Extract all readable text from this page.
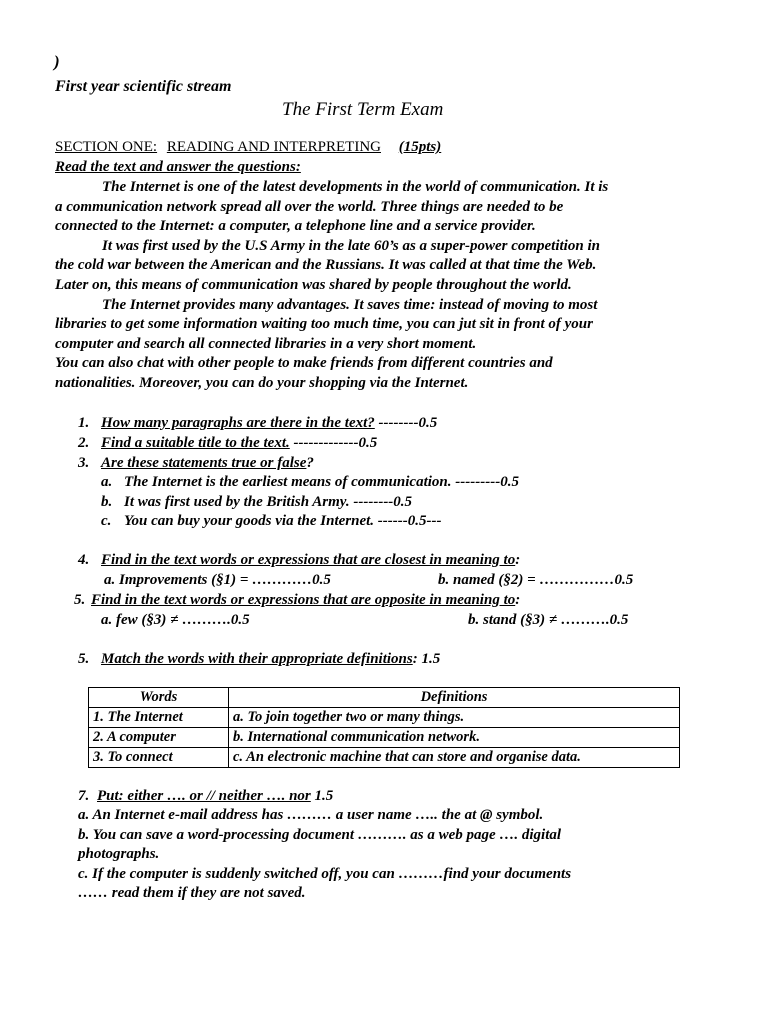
)
First year scientific stream
The First Term Exam
SECTION ONE: READING AND INTERPRETING (15pts)
Read the text and answer the questions:
The Internet is one of the latest developments in the world of communication. It is
a communication network spread all over the world. Three things are needed to be
connected to the Internet: a computer, a telephone line and a service provider.
It was first used by the U.S Army in the late 60’s as a super-power competition in
the cold war between the American and the Russians. It was called at that time the Web.
Later on, this means of communication was shared by people throughout the world.
The Internet provides many advantages. It saves time: instead of moving to most
libraries to get some information waiting too much time, you can jut sit in front of your
computer and search all connected libraries in a very short moment.
You can also chat with other people to make friends from different countries and
nationalities. Moreover, you can do your shopping via the Internet.
1. How many paragraphs are there in the text? --------0.5
2. Find a suitable title to the text. -------------0.5
3. Are these statements true or false?
a. The Internet is the earliest means of communication. ---------0.5
b. It was first used by the British Army. --------0.5
c. You can buy your goods via the Internet. ------0.5---
4. Find in the text words or expressions that are closest in meaning to:
a. Improvements (§1) = …………0.5	b. named (§2) = ……………0.5
5. Find in the text words or expressions that are opposite in meaning to:
a. few (§3) ≠ ……….0.5	b. stand (§3) ≠ ……….0.5
5. Match the words with their appropriate definitions: 1.5
Words	Definitions
1. The Internet	a. To join together two or many things.
2. A computer	b. International communication network.
3. To connect	c. An electronic machine that can store and organise data.
7. Put: either …. or // neither …. nor 1.5
a. An Internet e-mail address has ……… a user name ….. the at @ symbol.
b. You can save a word-processing document ………. as a web page …. digital
photographs.
c. If the computer is suddenly switched off, you can ………find your documents
…… read them if they are not saved.
